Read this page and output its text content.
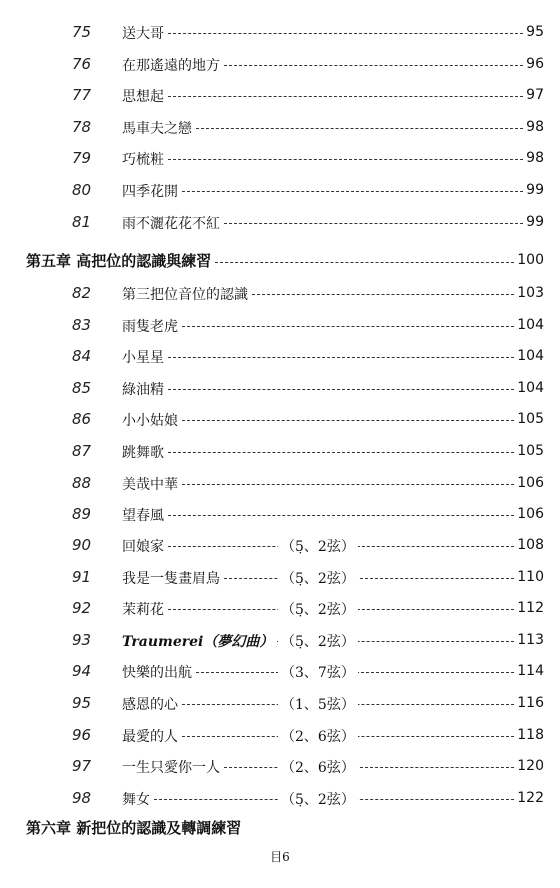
75	送大哥	95
76	在那遙遠的地方	96
77	思想起	97
78	馬車夫之戀	98
79	巧梳粧	98
80	四季花開	99
81	雨不灑花花不紅	99
第五章 高把位的認識與練習	100
82	第三把位音位的認識	103
83	雨隻老虎	104
84	小星星	104
85	綠油精	104
86	小小姑娘	105
87	跳舞歌	105
88	美哉中華	106
89	望春風	106
90	回娘家	（5̣、2弦）	108
91	我是一隻畫眉鳥	（5̣、2弦）	110
92	茉莉花	（5̣、2弦）	112
93	Traumerei（夢幻曲） （5̣、2弦）	113
94	快樂的出航	（3、7弦）	114
95	感恩的心	（1、5弦）	116
96	最愛的人	（2、6弦）	118
97	一生只愛你一人	（2、6弦）	120
98	舞女	（5̣、2弦）	122
第六章 新把位的認識及轉調練習
目6
